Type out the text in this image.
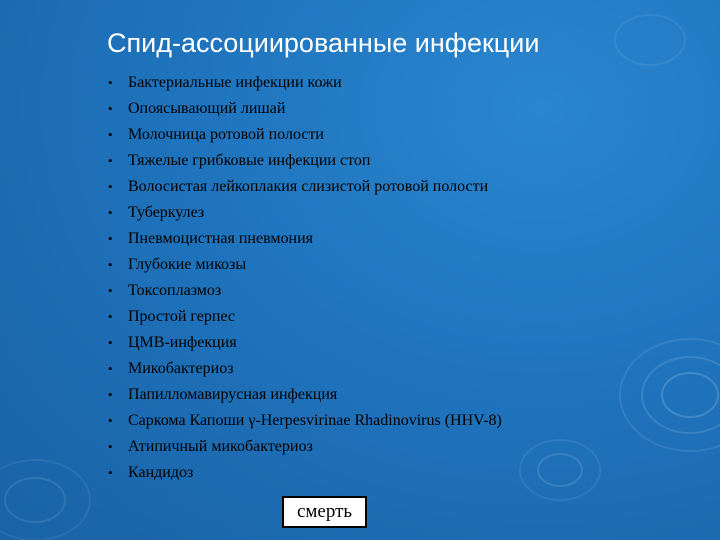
Спид-ассоциированные инфекции
• Бактериальные инфекции кожи
• Опоясывающий лишай
• Молочница ротовой полости
• Тяжелые грибковые инфекции стоп
• Волосистая лейкоплакия слизистой ротовой полости
• Туберкулез
• Пневмоцистная пневмония
• Глубокие микозы
• Токсоплазмоз
• Простой герпес
• ЦМВ-инфекция
• Микобактериоз
• Папилломавирусная инфекция
• Саркома Капоши γ-Herpesvirinae Rhadinovirus (HHV-8)
• Атипичный микобактериоз
• Кандидоз
смерть
